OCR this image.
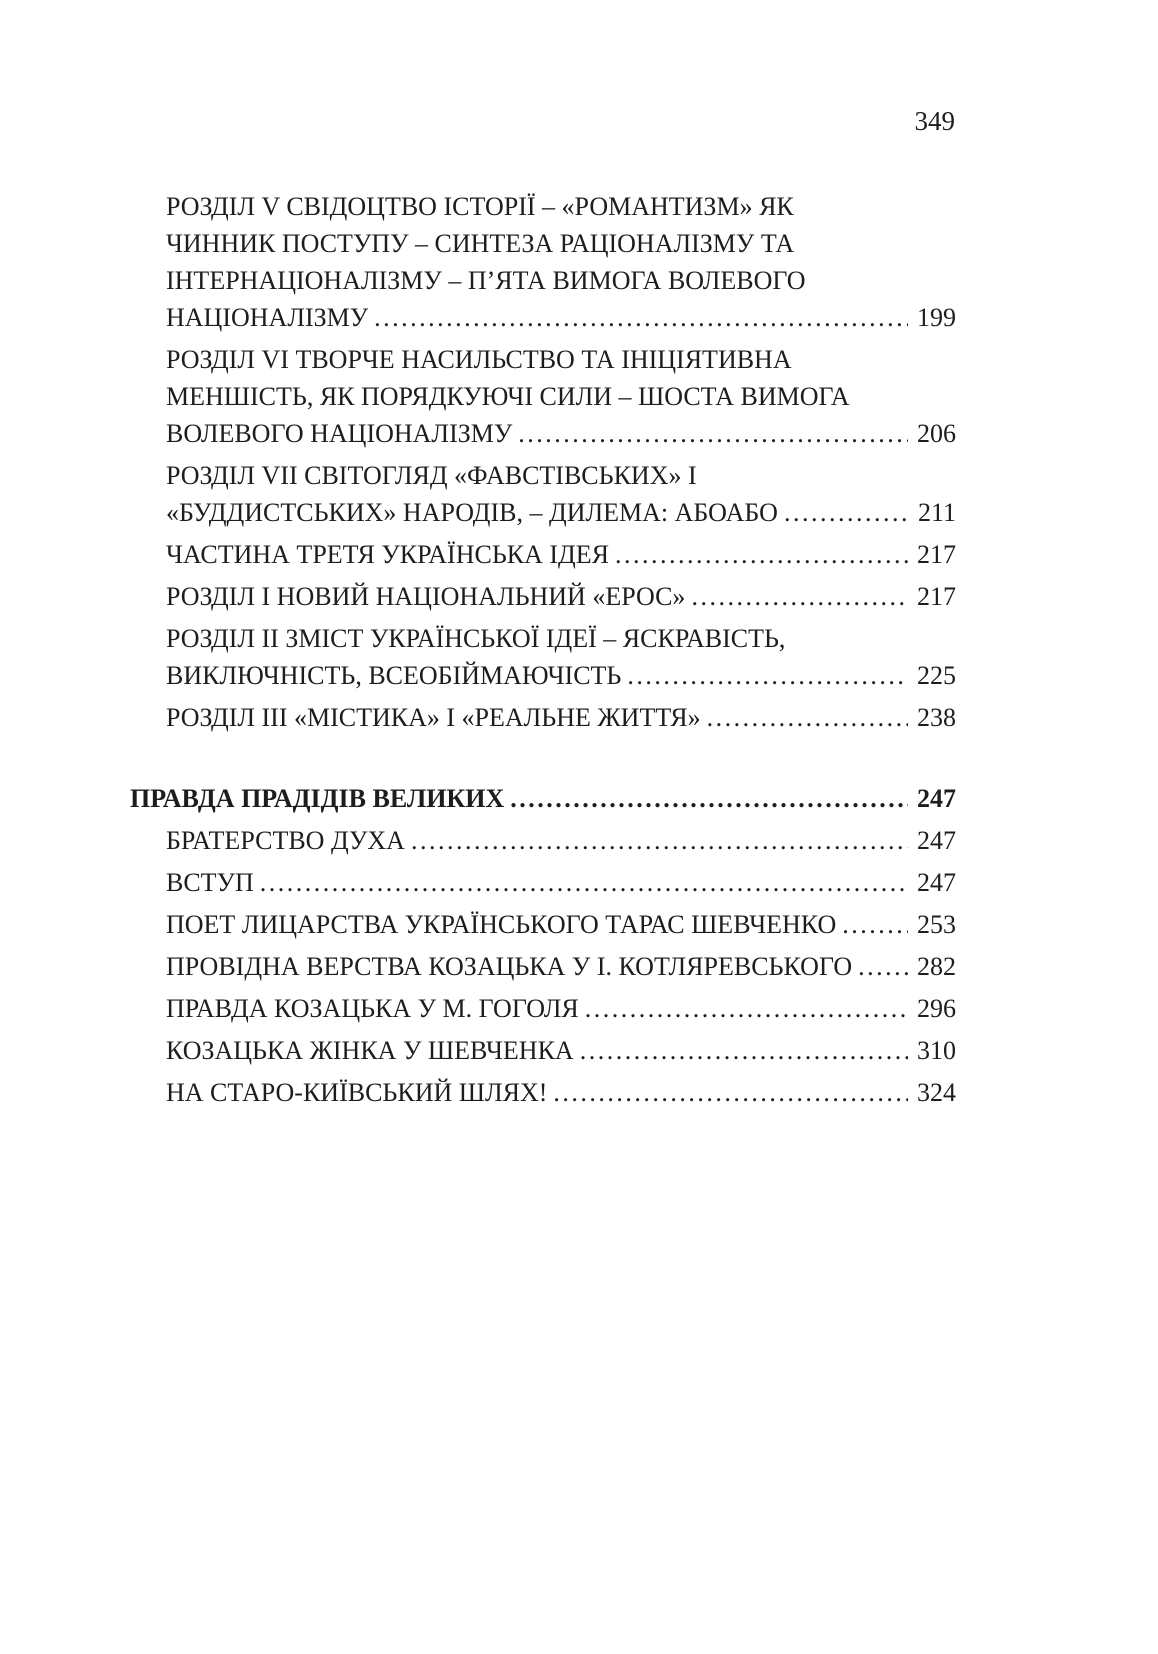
349
РОЗДІЛ V СВІДОЦТВО ІСТОРІЇ – «РОМАНТИЗМ» ЯК
ЧИННИК ПОСТУПУ – СИНТЕЗА РАЦІОНАЛІЗМУ ТА
ІНТЕРНАЦІОНАЛІЗМУ – П’ЯТА ВИМОГА ВОЛЕВОГО
НАЦІОНАЛІЗМУ .....	199
РОЗДІЛ VI ТВОРЧЕ НАСИЛЬСТВО ТА ІНІЦІЯТИВНА
МЕНШІСТЬ, ЯК ПОРЯДКУЮЧІ СИЛИ – ШОСТА ВИМОГА
ВОЛЕВОГО НАЦІОНАЛІЗМУ .....	206
РОЗДІЛ VII СВІТОГЛЯД «ФАВСТІВСЬКИХ» І
«БУДДИСТСЬКИХ» НАРОДІВ, – ДИЛЕМА: АБОАБО .....	211
ЧАСТИНА ТРЕТЯ УКРАЇНСЬКА ІДЕЯ .....	217
РОЗДІЛ І НОВИЙ НАЦІОНАЛЬНИЙ «ЕРОС» .....	217
РОЗДІЛ ІІ ЗМІСТ УКРАЇНСЬКОЇ ІДЕЇ – ЯСКРАВІСТЬ,
ВИКЛЮЧНІСТЬ, ВСЕОБІЙМАЮЧІСТЬ .....	225
РОЗДІЛ ІІІ «МІСТИКА» І «РЕАЛЬНЕ ЖИТТЯ» .....	238
ПРАВДА ПРАДІДІВ ВЕЛИКИХ .....	247
БРАТЕРСТВО ДУХА .....	247
ВСТУП .....	247
ПОЕТ ЛИЦАРСТВА УКРАЇНСЬКОГО ТАРАС ШЕВЧЕНКО .....	253
ПРОВІДНА ВЕРСТВА КОЗАЦЬКА У І. КОТЛЯРЕВСЬКОГО ..... 282
ПРАВДА КОЗАЦЬКА У М. ГОГОЛЯ .....	296
КОЗАЦЬКА ЖІНКА У ШЕВЧЕНКА .....	310
НА СТАРО-КИЇВСЬКИЙ ШЛЯХ! .....	324
